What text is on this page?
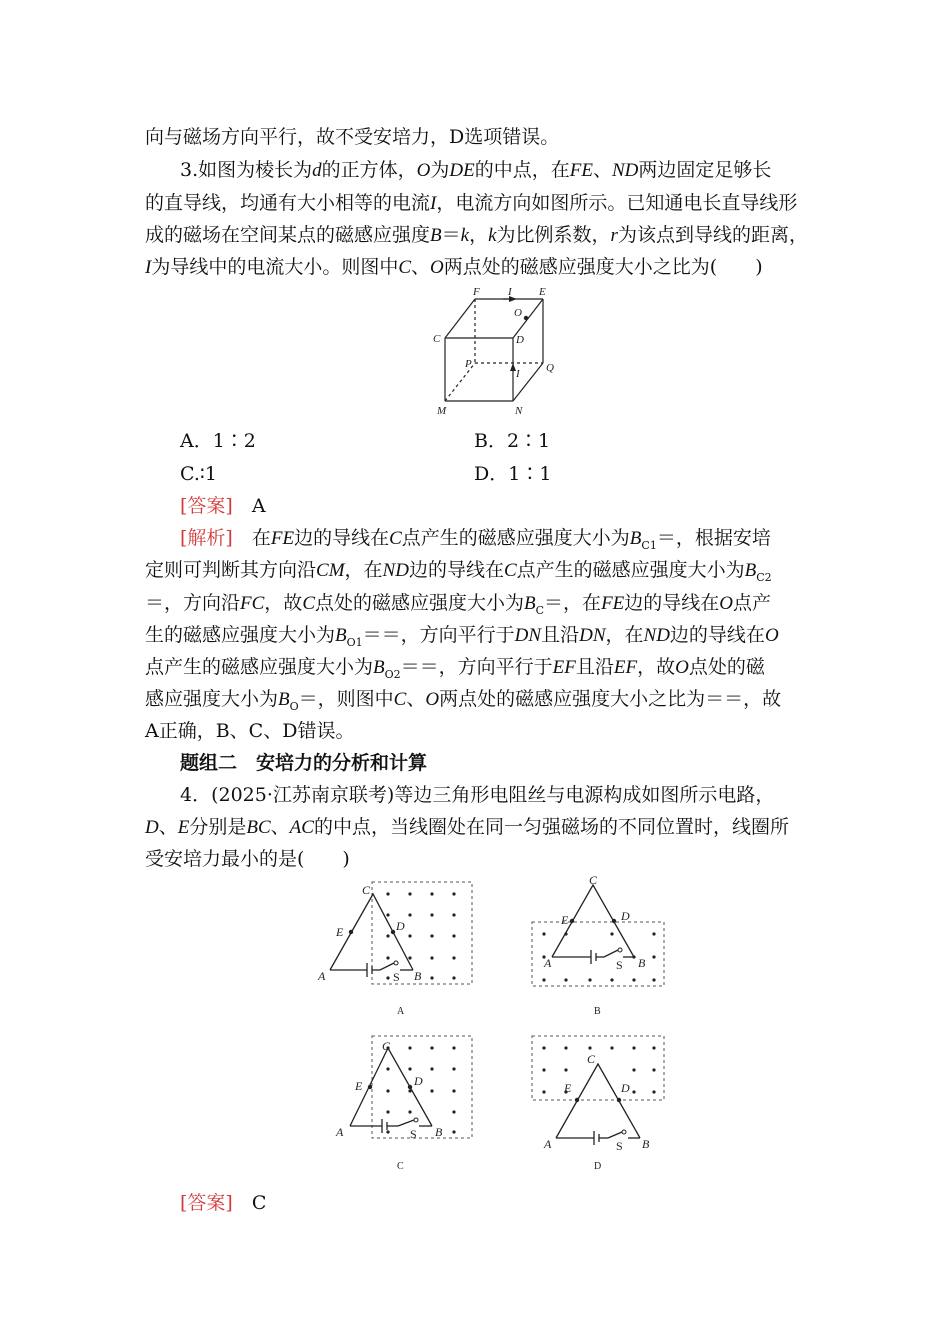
向与磁场方向平行，故不受安培力，D选项错误。
3.如图为棱长为d的正方体，O为DE的中点，在FE、ND两边固定足够长
的直导线，均通有大小相等的电流I，电流方向如图所示。已知通电长直导线形
成的磁场在空间某点的磁感应强度B＝k，k为比例系数，r为该点到导线的距离，
I为导线中的电流大小。则图中C、O两点处的磁感应强度大小之比为(　　)
F	I E
O
C	D
P	Q
I
M	N
A．1∶2	B．2∶1
C.∶1	D．1∶1
[答案]　 A
[解析]　 在FE边的导线在C点产生的磁感应强度大小为$B_{C1}=$，根据安培
定则可判断其方向沿CM，在ND边的导线在C点产生的磁感应强度大小为$B_{C2}$
＝，方向沿FC，故C点处的磁感应强度大小为$B_C=$，在FE边的导线在O点产
生的磁感应强度大小为$B_{O1}==$，方向平行于DN且沿DN，在ND边的导线在O
点产生的磁感应强度大小为$B_{O2}==$，方向平行于EF且沿EF，故O点处的磁
感应强度大小为$B_O=$，则图中C、O两点处的磁感应强度大小之比为＝＝，故
A正确，B、C、D错误。
题组二　安培力的分析和计算
4．(2025·江苏南京联考)等边三角形电阻丝与电源构成如图所示电路，
D、E分别是BC、AC的中点，当线圈处在同一匀强磁场的不同位置时，线圈所
受安培力最小的是(　　)
C
E	D
A	S B
A
C
E	D
A	S B
B
C
E	D
A	S B
C
C
E	D
A	S B
D
[答案]　 C
